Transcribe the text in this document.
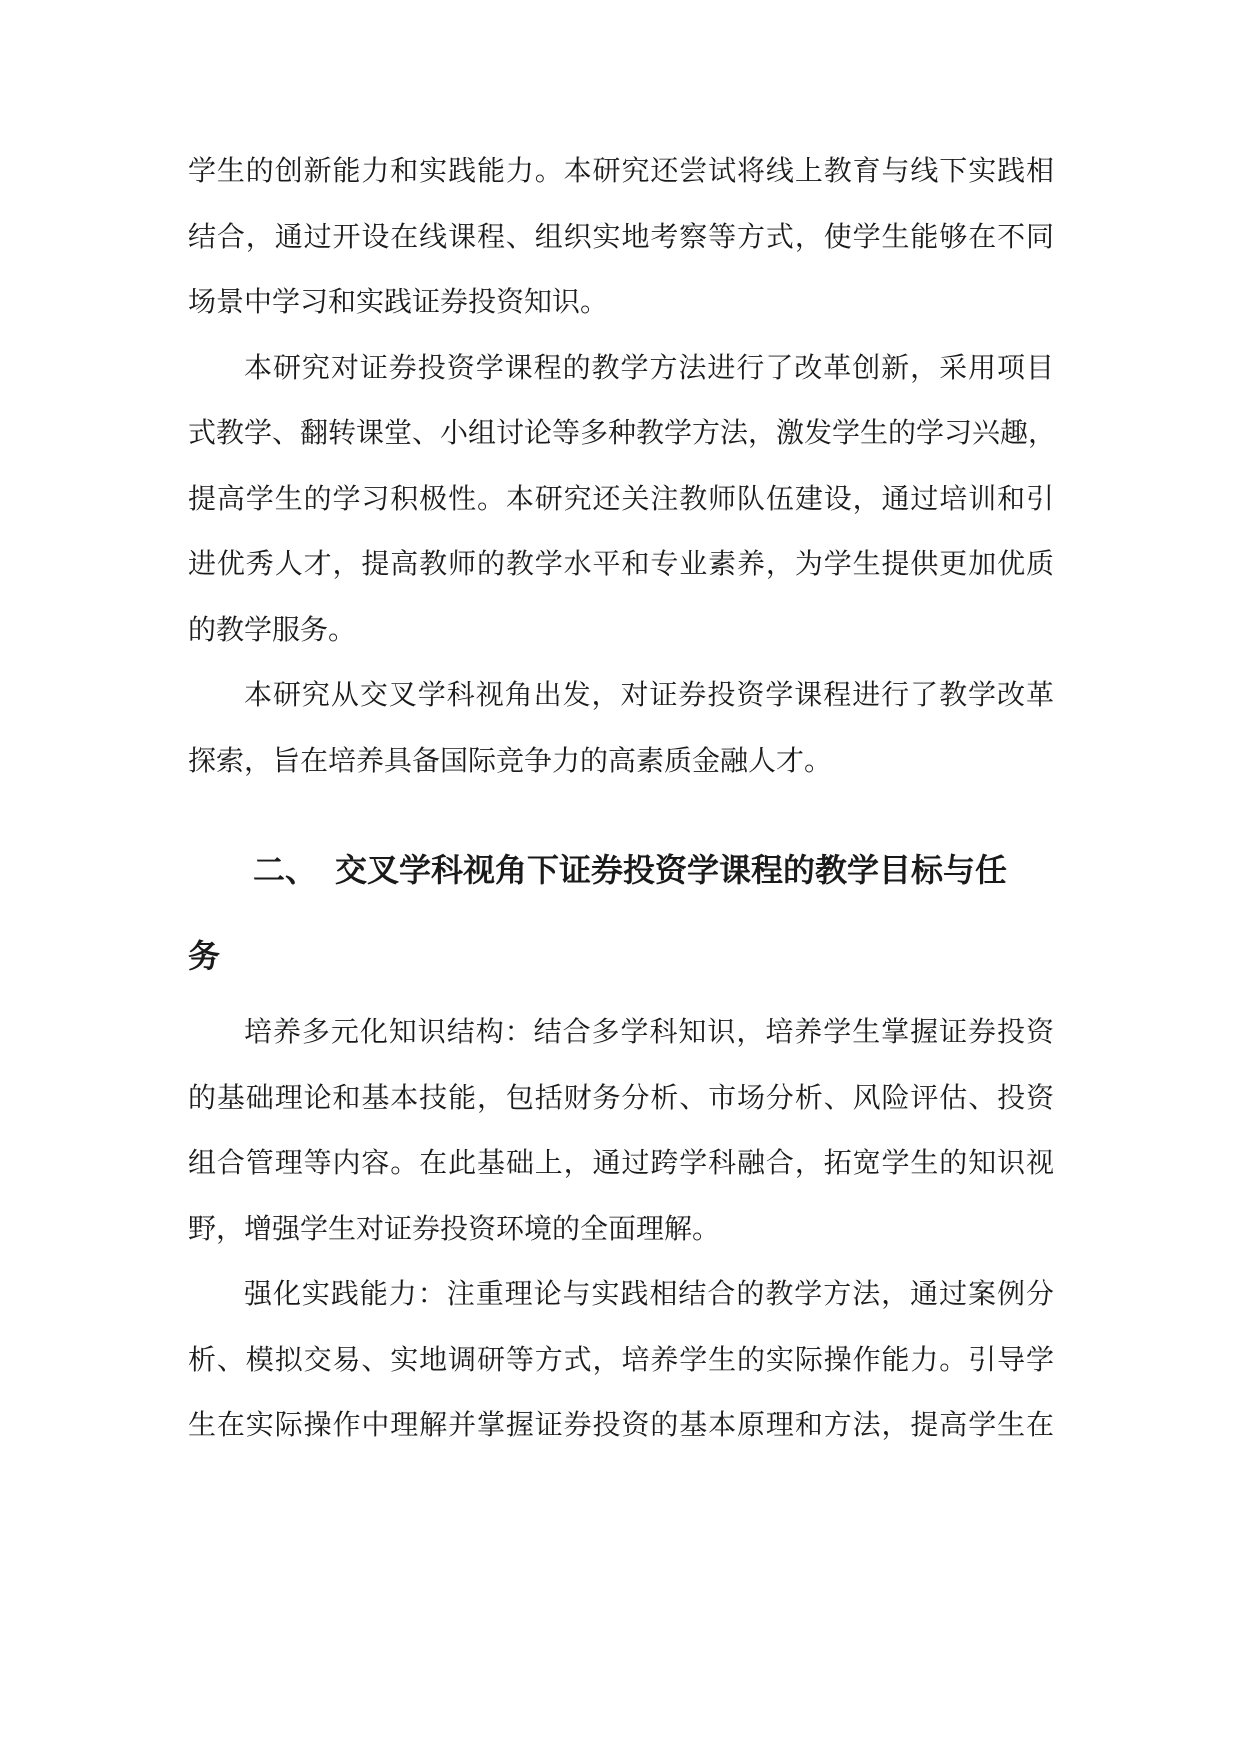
学生的创新能力和实践能力。本研究还尝试将线上教育与线下实践相
结合，通过开设在线课程、组织实地考察等方式，使学生能够在不同
场景中学习和实践证券投资知识。

本研究对证券投资学课程的教学方法进行了改革创新，采用项目
式教学、翻转课堂、小组讨论等多种教学方法，激发学生的学习兴趣，
提高学生的学习积极性。本研究还关注教师队伍建设，通过培训和引
进优秀人才，提高教师的教学水平和专业素养，为学生提供更加优质
的教学服务。

本研究从交叉学科视角出发，对证券投资学课程进行了教学改革
探索，旨在培养具备国际竞争力的高素质金融人才。

二、 交叉学科视角下证券投资学课程的教学目标与任
务

培养多元化知识结构：结合多学科知识，培养学生掌握证券投资
的基础理论和基本技能，包括财务分析、市场分析、风险评估、投资
组合管理等内容。在此基础上，通过跨学科融合，拓宽学生的知识视
野，增强学生对证券投资环境的全面理解。

强化实践能力：注重理论与实践相结合的教学方法，通过案例分
析、模拟交易、实地调研等方式，培养学生的实际操作能力。引导学
生在实际操作中理解并掌握证券投资的基本原理和方法，提高学生在
